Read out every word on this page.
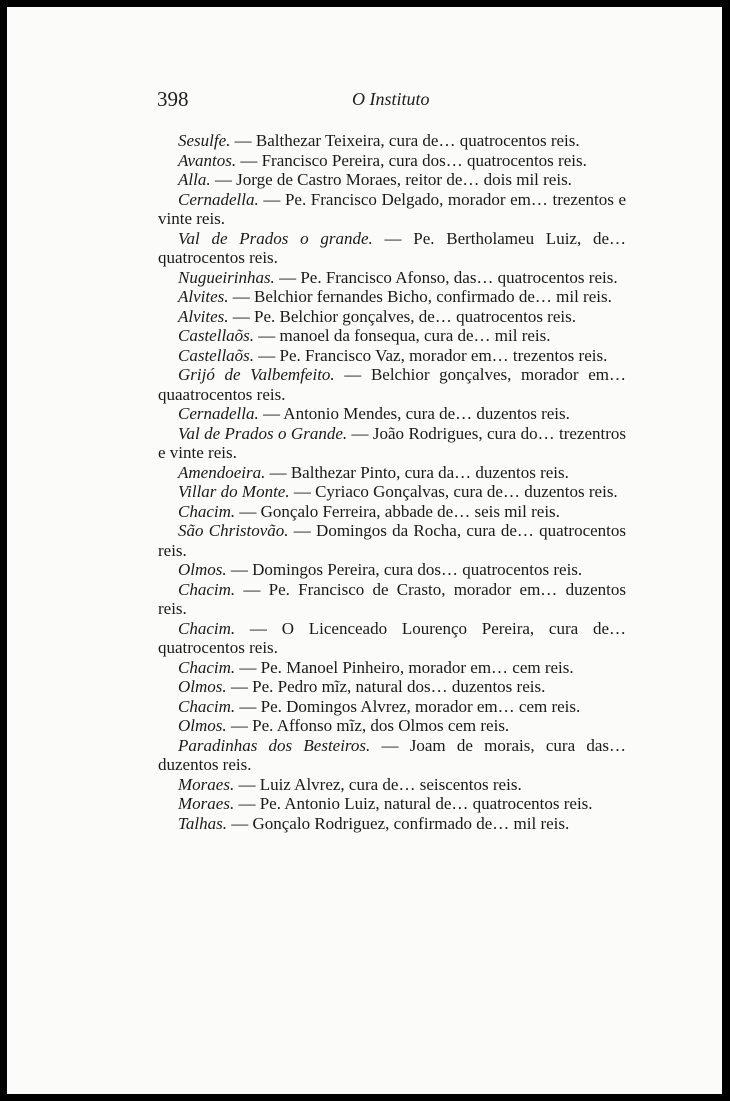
398	O Instituto

Sesulfe. — Balthezar Teixeira, cura de… quatrocentos reis.

Avantos. — Francisco Pereira, cura dos… quatrocentos reis.

Alla. — Jorge de Castro Moraes, reitor de… dois mil reis.

Cernadella. — Pe. Francisco Delgado, morador em… trezentos e vinte reis.

Val de Prados o grande. — Pe. Bertholameu Luiz, de… quatrocentos reis.

Nugueirinhas. — Pe. Francisco Afonso, das… quatrocentos reis.

Alvites. — Belchior fernandes Bicho, confirmado de… mil reis.

Alvites. — Pe. Belchior gonçalves, de… quatrocentos reis.

Castellaõs. — manoel da fonsequa, cura de… mil reis.

Castellaõs. — Pe. Francisco Vaz, morador em… trezentos reis.

Grijó de Valbemfeito. — Belchior gonçalves, morador em… quaatrocentos reis.

Cernadella. — Antonio Mendes, cura de… duzentos reis.

Val de Prados o Grande. — João Rodrigues, cura do… trezentros e vinte reis.

Amendoeira. — Balthezar Pinto, cura da… duzentos reis.

Villar do Monte. — Cyriaco Gonçalvas, cura de… duzentos reis.

Chacim. — Gonçalo Ferreira, abbade de… seis mil reis.

São Christovão. — Domingos da Rocha, cura de… quatrocentos reis.

Olmos. — Domingos Pereira, cura dos… quatrocentos reis.

Chacim. — Pe. Francisco de Crasto, morador em… duzentos reis.

Chacim. — O Licenceado Lourenço Pereira, cura de… quatrocentos reis.

Chacim. — Pe. Manoel Pinheiro, morador em… cem reis.

Olmos. — Pe. Pedro mĩz, natural dos… duzentos reis.

Chacim. — Pe. Domingos Alvrez, morador em… cem reis.

Olmos. — Pe. Affonso mĩz, dos Olmos cem reis.

Paradinhas dos Besteiros. — Joam de morais, cura das… duzentos reis.

Moraes. — Luiz Alvrez, cura de… seiscentos reis.

Moraes. — Pe. Antonio Luiz, natural de… quatrocentos reis.

Talhas. — Gonçalo Rodriguez, confirmado de… mil reis.
